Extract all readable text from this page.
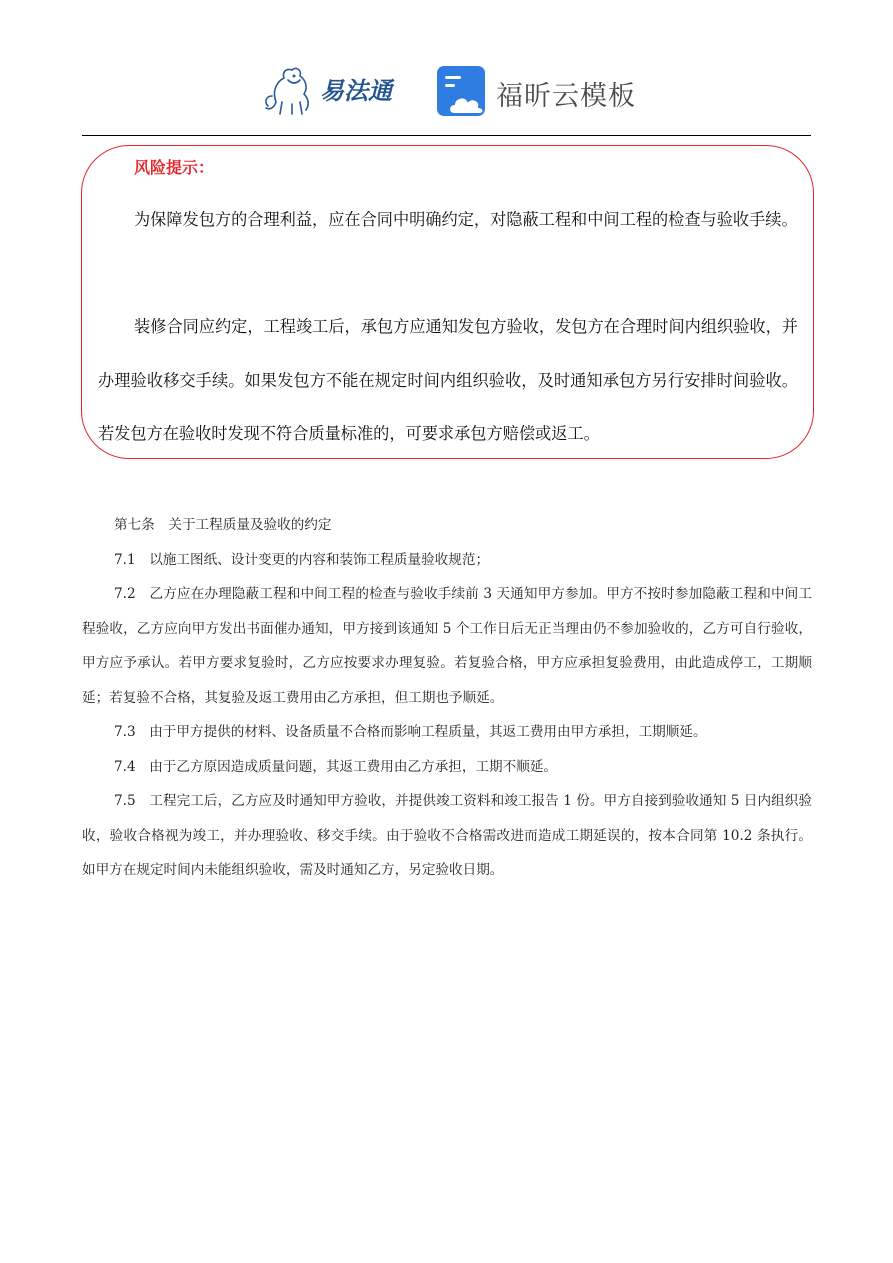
易法通	福昕云模板
风险提示：

为保障发包方的合理利益，应在合同中明确约定，对隐蔽工程和中间工程的检查与验收手续。

装修合同应约定，工程竣工后，承包方应通知发包方验收，发包方在合理时间内组织验收，并办理验收移交手续。如果发包方不能在规定时间内组织验收，及时通知承包方另行安排时间验收。若发包方在验收时发现不符合质量标准的，可要求承包方赔偿或返工。

第七条　关于工程质量及验收的约定

7.1　以施工图纸、设计变更的内容和装饰工程质量验收规范；

7.2　乙方应在办理隐蔽工程和中间工程的检查与验收手续前 3 天通知甲方参加。甲方不按时参加隐蔽工程和中间工程验收，乙方应向甲方发出书面催办通知，甲方接到该通知 5 个工作日后无正当理由仍不参加验收的，乙方可自行验收，甲方应予承认。若甲方要求复验时，乙方应按要求办理复验。若复验合格，甲方应承担复验费用，由此造成停工，工期顺延；若复验不合格，其复验及返工费用由乙方承担，但工期也予顺延。

7.3　由于甲方提供的材料、设备质量不合格而影响工程质量，其返工费用由甲方承担，工期顺延。

7.4　由于乙方原因造成质量问题，其返工费用由乙方承担，工期不顺延。

7.5　工程完工后，乙方应及时通知甲方验收，并提供竣工资料和竣工报告 1 份。甲方自接到验收通知 5 日内组织验收，验收合格视为竣工，并办理验收、移交手续。由于验收不合格需改进而造成工期延误的，按本合同第 10.2 条执行。如甲方在规定时间内未能组织验收，需及时通知乙方，另定验收日期。
